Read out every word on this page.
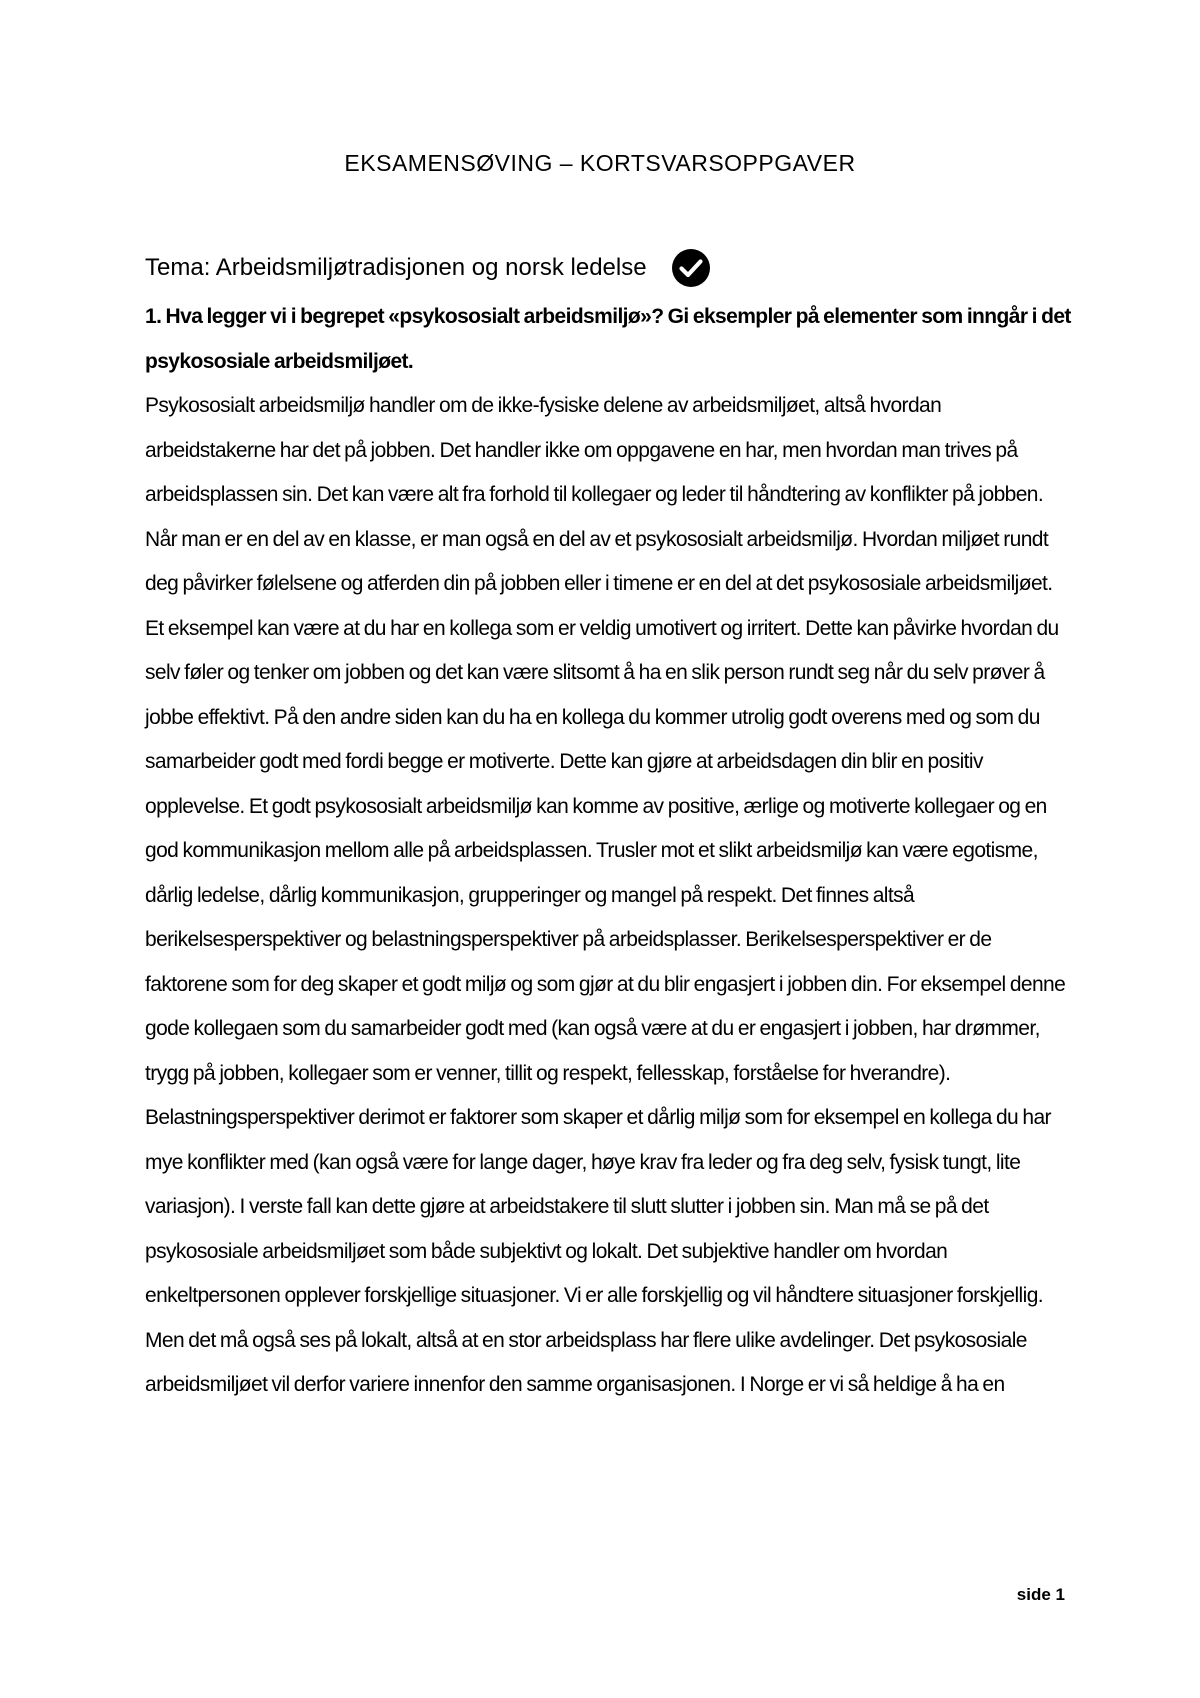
EKSAMENSØVING – KORTSVARSOPPGAVER
Tema: Arbeidsmiljøtradisjonen og norsk ledelse

1. Hva legger vi i begrepet «psykososialt arbeidsmiljø»? Gi eksempler på elementer som inngår i det psykososiale arbeidsmiljøet.

Psykososialt arbeidsmiljø handler om de ikke-fysiske delene av arbeidsmiljøet, altså hvordan arbeidstakerne har det på jobben. Det handler ikke om oppgavene en har, men hvordan man trives på arbeidsplassen sin. Det kan være alt fra forhold til kollegaer og leder til håndtering av konflikter på jobben. Når man er en del av en klasse, er man også en del av et psykososialt arbeidsmiljø. Hvordan miljøet rundt deg påvirker følelsene og atferden din på jobben eller i timene er en del at det psykososiale arbeidsmiljøet. Et eksempel kan være at du har en kollega som er veldig umotivert og irritert. Dette kan påvirke hvordan du selv føler og tenker om jobben og det kan være slitsomt å ha en slik person rundt seg når du selv prøver å jobbe effektivt. På den andre siden kan du ha en kollega du kommer utrolig godt overens med og som du samarbeider godt med fordi begge er motiverte. Dette kan gjøre at arbeidsdagen din blir en positiv opplevelse. Et godt psykososialt arbeidsmiljø kan komme av positive, ærlige og motiverte kollegaer og en god kommunikasjon mellom alle på arbeidsplassen. Trusler mot et slikt arbeidsmiljø kan være egotisme, dårlig ledelse, dårlig kommunikasjon, grupperinger og mangel på respekt. Det finnes altså berikelsesperspektiver og belastningsperspektiver på arbeidsplasser. Berikelsesperspektiver er de faktorene som for deg skaper et godt miljø og som gjør at du blir engasjert i jobben din. For eksempel denne gode kollegaen som du samarbeider godt med (kan også være at du er engasjert i jobben, har drømmer, trygg på jobben, kollegaer som er venner, tillit og respekt, fellesskap, forståelse for hverandre). Belastningsperspektiver derimot er faktorer som skaper et dårlig miljø som for eksempel en kollega du har mye konflikter med (kan også være for lange dager, høye krav fra leder og fra deg selv, fysisk tungt, lite variasjon). I verste fall kan dette gjøre at arbeidstakere til slutt slutter i jobben sin. Man må se på det psykososiale arbeidsmiljøet som både subjektivt og lokalt. Det subjektive handler om hvordan enkeltpersonen opplever forskjellige situasjoner. Vi er alle forskjellig og vil håndtere situasjoner forskjellig. Men det må også ses på lokalt, altså at en stor arbeidsplass har flere ulike avdelinger. Det psykososiale arbeidsmiljøet vil derfor variere innenfor den samme organisasjonen. I Norge er vi så heldige å ha en

side 1
